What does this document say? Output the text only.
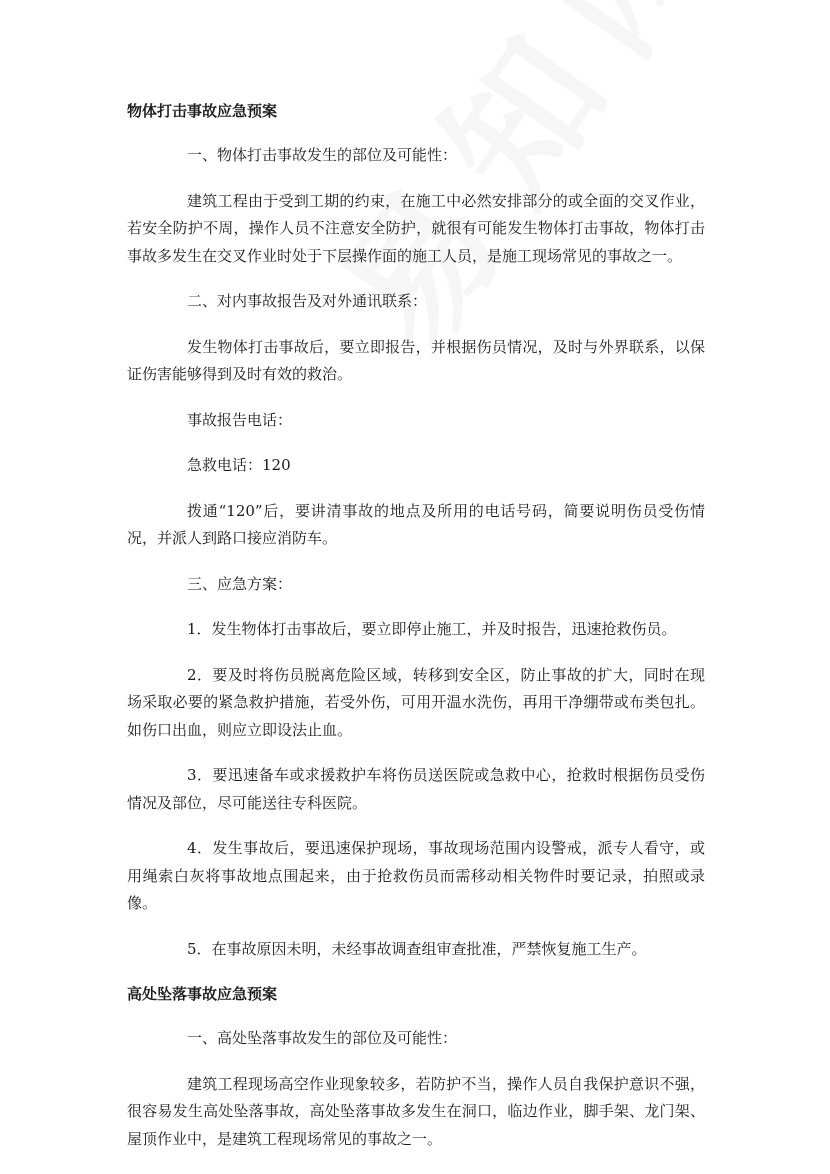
物体打击事故应急预案

一、物体打击事故发生的部位及可能性：

建筑工程由于受到工期的约束，在施工中必然安排部分的或全面的交叉作业，若安全防护不周，操作人员不注意安全防护，就很有可能发生物体打击事故，物体打击事故多发生在交叉作业时处于下层操作面的施工人员，是施工现场常见的事故之一。

二、对内事故报告及对外通讯联系：

发生物体打击事故后，要立即报告，并根据伤员情况，及时与外界联系，以保证伤害能够得到及时有效的救治。

事故报告电话：

急救电话：120

拨通“120”后，要讲清事故的地点及所用的电话号码，简要说明伤员受伤情况，并派人到路口接应消防车。

三、应急方案：

1．发生物体打击事故后，要立即停止施工，并及时报告，迅速抢救伤员。

2．要及时将伤员脱离危险区域，转移到安全区，防止事故的扩大，同时在现场采取必要的紧急救护措施，若受外伤，可用开温水洗伤，再用干净绷带或布类包扎。如伤口出血，则应立即设法止血。

3．要迅速备车或求援救护车将伤员送医院或急救中心，抢救时根据伤员受伤情况及部位，尽可能送往专科医院。

4．发生事故后，要迅速保护现场，事故现场范围内设警戒，派专人看守，或用绳索白灰将事故地点围起来，由于抢救伤员而需移动相关物件时要记录，拍照或录像。

5．在事故原因未明，未经事故调查组审查批准，严禁恢复施工生产。

高处坠落事故应急预案

一、高处坠落事故发生的部位及可能性：

建筑工程现场高空作业现象较多，若防护不当，操作人员自我保护意识不强，很容易发生高处坠落事故，高处坠落事故多发生在洞口，临边作业，脚手架、龙门架、屋顶作业中，是建筑工程现场常见的事故之一。
